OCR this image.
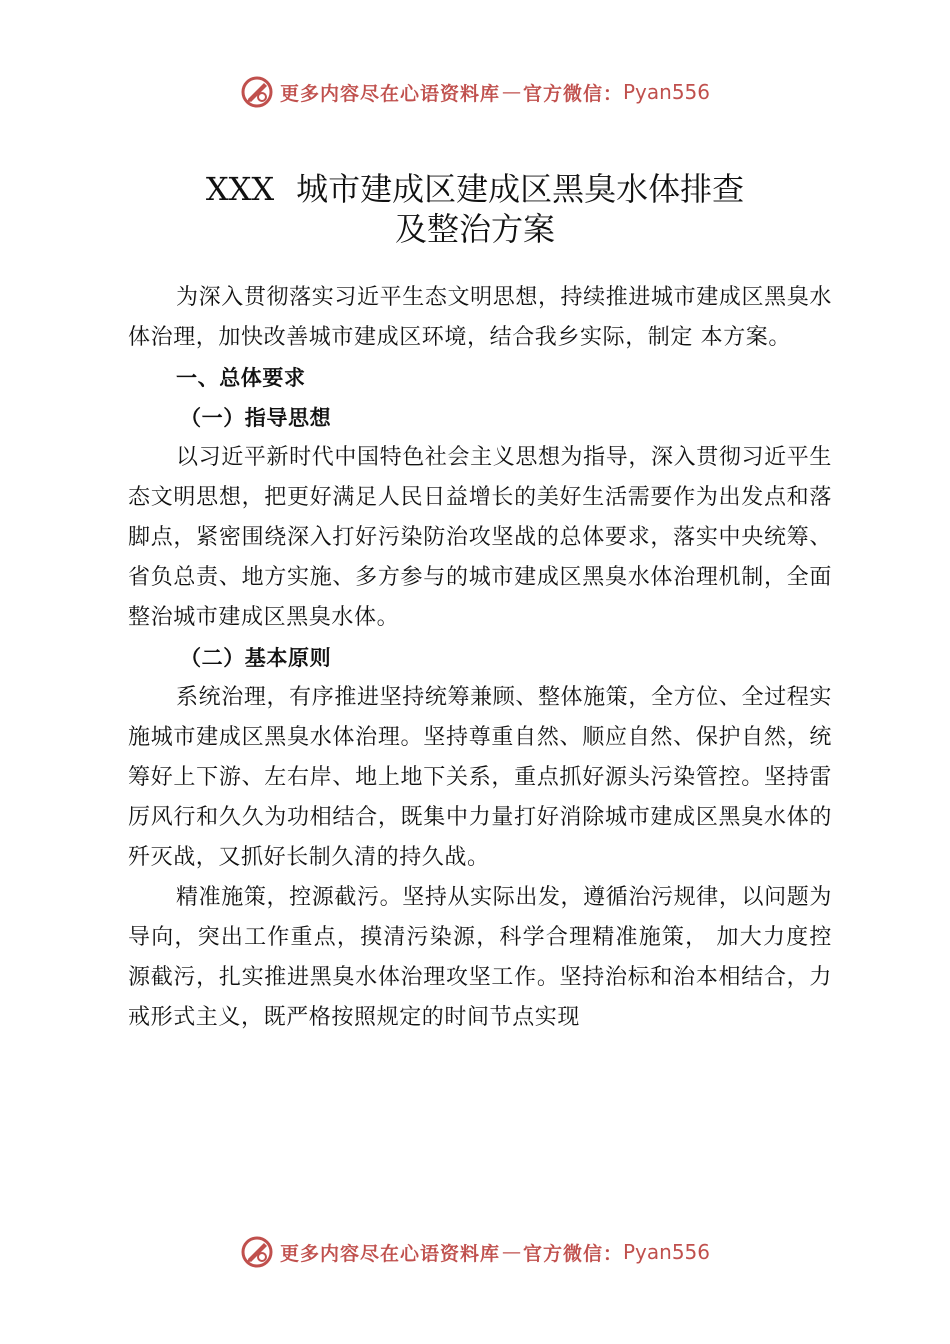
更多内容尽在心语资料库 — 官方微信： Pyan556
XXX 城市建成区建成区黑臭水体排查
及整治方案

为深入贯彻落实习近平生态文明思想，持续推进城市建成区黑臭水体治理，加快改善城市建成区环境，结合我乡实际，制定 本方案。

一、总体要求

（一）指导思想

以习近平新时代中国特色社会主义思想为指导，深入贯彻习近平生态文明思想，把更好满足人民日益增长的美好生活需要作为出发点和落脚点，紧密围绕深入打好污染防治攻坚战的总体要求，落实中央统筹、省负总责、地方实施、多方参与的城市建成区黑臭水体治理机制，全面整治城市建成区黑臭水体。

（二）基本原则

系统治理，有序推进坚持统筹兼顾、整体施策，全方位、全过程实施城市建成区黑臭水体治理。坚持尊重自然、顺应自然、保护自然，统筹好上下游、左右岸、地上地下关系，重点抓好源头污染管控。坚持雷厉风行和久久为功相结合，既集中力量打好消除城市建成区黑臭水体的歼灭战，又抓好长制久清的持久战。

精准施策，控源截污。坚持从实际出发，遵循治污规律，以问题为导向，突出工作重点，摸清污染源，科学合理精准施策， 加大力度控源截污，扎实推进黑臭水体治理攻坚工作。坚持治标和治本相结合，力戒形式主义，既严格按照规定的时间节点实现

更多内容尽在心语资料库 — 官方微信： Pyan556
